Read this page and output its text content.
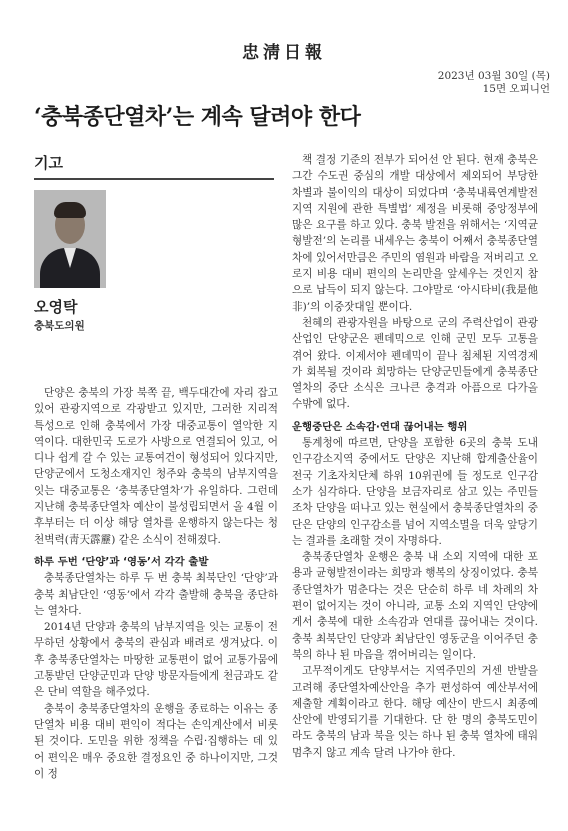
忠淸日報
2023년 03월 30일 (목)
15면 오피니언
‘충북종단열차’는 계속 달려야 한다
기고
오영탁
충북도의원

단양은 충북의 가장 북쪽 끝, 백두대간에 자리 잡고 있어 관광지역으로 각광받고 있지만, 그러한 지리적 특성으로 인해 충북에서 가장 대중교통이 열악한 지역이다. 대한민국 도로가 사방으로 연결되어 있고, 어디나 쉽게 갈 수 있는 교통여건이 형성되어 있다지만, 단양군에서 도청소재지인 청주와 충북의 남부지역을 잇는 대중교통은 ‘충북종단열차’가 유일하다. 그런데 지난해 충북종단열차 예산이 불성립되면서 올 4월 이후부터는 더 이상 해당 열차를 운행하지 않는다는 청천벽력(靑天霹靂) 같은 소식이 전해졌다.

하루 두번 ‘단양’과 ‘영동’서 각각 출발

충북종단열차는 하루 두 번 충북 최북단인 ‘단양’과 충북 최남단인 ‘영동’에서 각각 출발해 충북을 종단하는 열차다.

2014년 단양과 충북의 남부지역을 잇는 교통이 전무하던 상황에서 충북의 관심과 배려로 생겨났다. 이후 충북종단열차는 마땅한 교통편이 없어 교통가뭄에 고통받던 단양군민과 단양 방문자들에게 천금과도 같은 단비 역할을 해주었다.

충북이 충북종단열차의 운행을 종료하는 이유는 종단열차 비용 대비 편익이 적다는 손익계산에서 비롯된 것이다. 도민을 위한 정책을 수립·집행하는 데 있어 편익은 매우 중요한 결정요인 중 하나이지만, 그것이 정

책 결정 기준의 전부가 되어선 안 된다. 현재 충북은 그간 수도권 중심의 개발 대상에서 제외되어 부당한 차별과 불이익의 대상이 되었다며 ‘충북내륙연계발전지역 지원에 관한 특별법’ 제정을 비롯해 중앙정부에 많은 요구를 하고 있다. 충북 발전을 위해서는 ‘지역균형발전’의 논리를 내세우는 충북이 어째서 충북종단열차에 있어서만큼은 주민의 염원과 바람을 저버리고 오로지 비용 대비 편익의 논리만을 앞세우는 것인지 참으로 납득이 되지 않는다. 그야말로 ‘아시타비(我是他非)’의 이중잣대일 뿐이다.

천혜의 관광자원을 바탕으로 군의 주력산업이 관광산업인 단양군은 펜데믹으로 인해 군민 모두 고통을 겪어 왔다. 이제서야 펜데믹이 끝나 침체된 지역경제가 회복될 것이라 희망하는 단양군민들에게 충북종단열차의 중단 소식은 크나큰 충격과 아픔으로 다가올 수밖에 없다.

운행중단은 소속감·연대 끊어내는 행위

통계청에 따르면, 단양을 포함한 6곳의 충북 도내 인구감소지역 중에서도 단양은 지난해 합계출산율이 전국 기초자치단체 하위 10위권에 들 정도로 인구감소가 심각하다. 단양을 보금자리로 삼고 있는 주민들조차 단양을 떠나고 있는 현실에서 충북종단열차의 중단은 단양의 인구감소를 넘어 지역소멸을 더욱 앞당기는 결과를 초래할 것이 자명하다.

충북종단열차 운행은 충북 내 소외 지역에 대한 포용과 균형발전이라는 희망과 행복의 상징이었다. 충북종단열차가 멈춘다는 것은 단순히 하루 네 차례의 차편이 없어지는 것이 아니라, 교통 소외 지역인 단양에게서 충북에 대한 소속감과 연대를 끊어내는 것이다. 충북 최북단인 단양과 최남단인 영동군을 이어주던 충북의 하나 된 마음을 꺾어버리는 일이다.

고무적이게도 단양부서는 지역주민의 거센 반발을 고려해 종단열차예산안을 추가 편성하여 예산부서에 제출할 계획이라고 한다. 해당 예산이 반드시 최종예산안에 반영되기를 기대한다. 단 한 명의 충북도민이라도 충북의 남과 북을 잇는 하나 된 충북 열차에 태워 멈추지 않고 계속 달려 나가야 한다.
